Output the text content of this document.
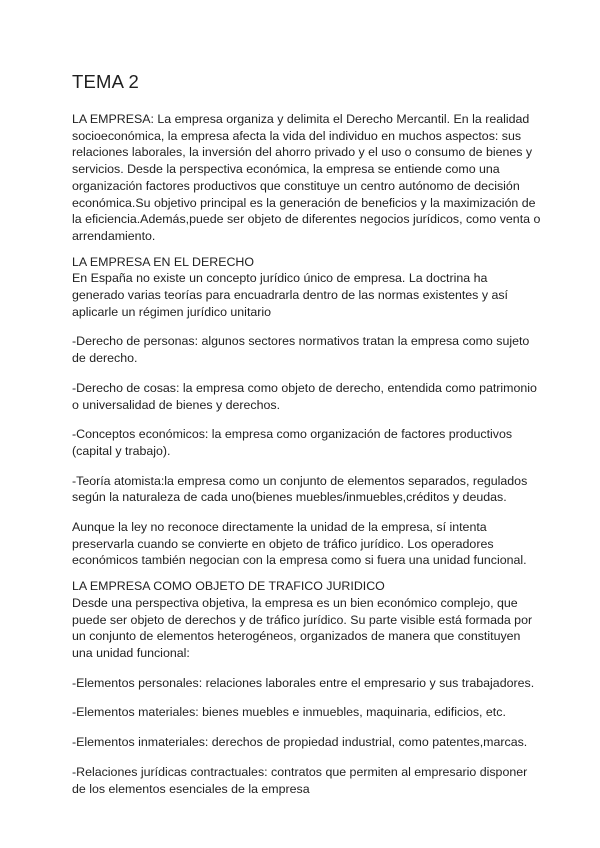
TEMA 2

LA EMPRESA: La empresa organiza y delimita el Derecho Mercantil. En la realidad socioeconómica, la empresa afecta la vida del individuo en muchos aspectos: sus relaciones laborales, la inversión del ahorro privado y el uso o consumo de bienes y servicios. Desde la perspectiva económica, la empresa se entiende como una organización factores productivos que constituye un centro autónomo de decisión económica.Su objetivo principal es la generación de beneficios y la maximización de la eficiencia.Además,puede ser objeto de diferentes negocios jurídicos, como venta o arrendamiento.

LA EMPRESA EN EL DERECHO

En España no existe un concepto jurídico único de empresa. La doctrina ha generado varias teorías para encuadrarla dentro de las normas existentes y así aplicarle un régimen jurídico unitario

-Derecho de personas: algunos sectores normativos tratan la empresa como sujeto de derecho.

-Derecho de cosas: la empresa como objeto de derecho, entendida como patrimonio o universalidad de bienes y derechos.

-Conceptos económicos: la empresa como organización de factores productivos (capital y trabajo).

-Teoría atomista:la empresa como un conjunto de elementos separados, regulados según la naturaleza de cada uno(bienes muebles/inmuebles,créditos y deudas.

Aunque la ley no reconoce directamente la unidad de la empresa, sí intenta preservarla cuando se convierte en objeto de tráfico jurídico. Los operadores económicos también negocian con la empresa como si fuera una unidad funcional.

LA EMPRESA COMO OBJETO DE TRAFICO JURIDICO

Desde una perspectiva objetiva, la empresa es un bien económico complejo, que puede ser objeto de derechos y de tráfico jurídico. Su parte visible está formada por un conjunto de elementos heterogéneos, organizados de manera que constituyen una unidad funcional:

-Elementos personales: relaciones laborales entre el empresario y sus trabajadores.

-Elementos materiales: bienes muebles e inmuebles, maquinaria, edificios, etc.

-Elementos inmateriales: derechos de propiedad industrial, como patentes,marcas.

-Relaciones jurídicas contractuales: contratos que permiten al empresario disponer de los elementos esenciales de la empresa
